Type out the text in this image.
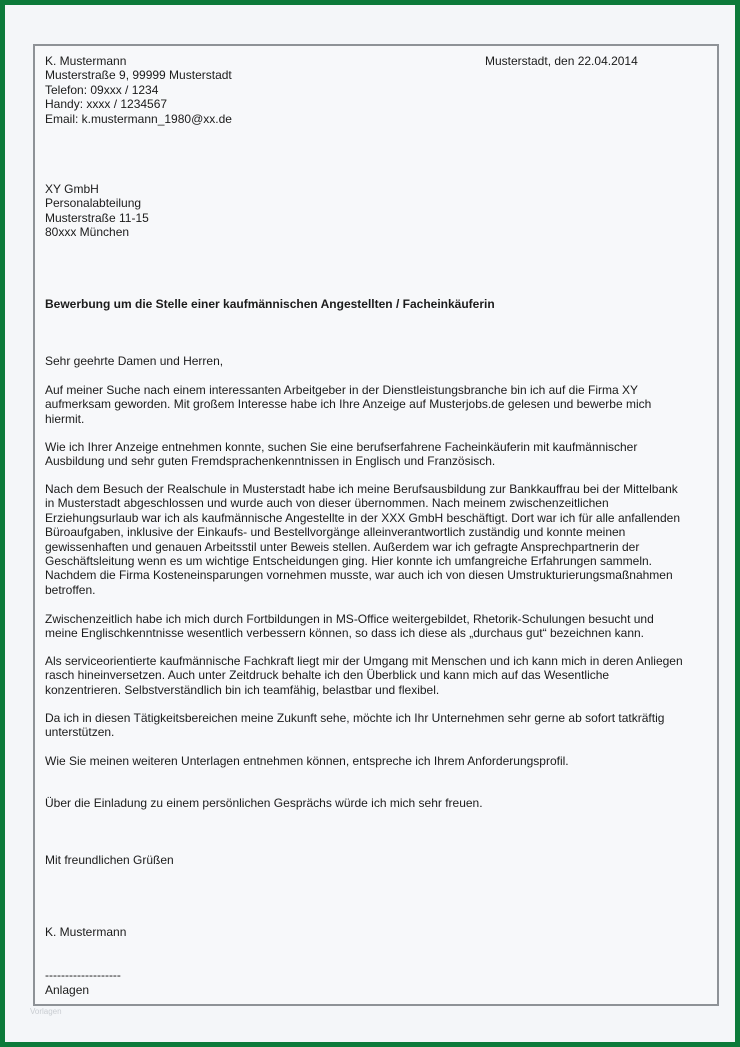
K. Mustermann
Musterstraße 9, 99999 Musterstadt
Telefon: 09xxx / 1234
Handy: xxxx / 1234567
Email: k.mustermann_1980@xx.de
Musterstadt, den 22.04.2014
XY GmbH
Personalabteilung
Musterstraße 11-15
80xxx München
Bewerbung um die Stelle einer kaufmännischen Angestellten / Facheinkäuferin
Sehr geehrte Damen und Herren,
Auf meiner Suche nach einem interessanten Arbeitgeber in der Dienstleistungsbranche bin ich auf die Firma XY
aufmerksam geworden. Mit großem Interesse habe ich Ihre Anzeige auf Musterjobs.de gelesen und bewerbe mich
hiermit.
Wie ich Ihrer Anzeige entnehmen konnte, suchen Sie eine berufserfahrene Facheinkäuferin mit kaufmännischer
Ausbildung und sehr guten Fremdsprachenkenntnissen in Englisch und Französisch.
Nach dem Besuch der Realschule in Musterstadt habe ich meine Berufsausbildung zur Bankkauffrau bei der Mittelbank
in Musterstadt abgeschlossen und wurde auch von dieser übernommen. Nach meinem zwischenzeitlichen
Erziehungsurlaub war ich als kaufmännische Angestellte in der XXX GmbH beschäftigt. Dort war ich für alle anfallenden
Büroaufgaben, inklusive der Einkaufs- und Bestellvorgänge alleinverantwortlich zuständig und konnte meinen
gewissenhaften und genauen Arbeitsstil unter Beweis stellen. Außerdem war ich gefragte Ansprechpartnerin der
Geschäftsleitung wenn es um wichtige Entscheidungen ging. Hier konnte ich umfangreiche Erfahrungen sammeln.
Nachdem die Firma Kosteneinsparungen vornehmen musste, war auch ich von diesen Umstrukturierungsmaßnahmen
betroffen.
Zwischenzeitlich habe ich mich durch Fortbildungen in MS-Office weitergebildet, Rhetorik-Schulungen besucht und
meine Englischkenntnisse wesentlich verbessern können, so dass ich diese als „durchaus gut“ bezeichnen kann.
Als serviceorientierte kaufmännische Fachkraft liegt mir der Umgang mit Menschen und ich kann mich in deren Anliegen
rasch hineinversetzen. Auch unter Zeitdruck behalte ich den Überblick und kann mich auf das Wesentliche
konzentrieren. Selbstverständlich bin ich teamfähig, belastbar und flexibel.
Da ich in diesen Tätigkeitsbereichen meine Zukunft sehe, möchte ich Ihr Unternehmen sehr gerne ab sofort tatkräftig
unterstützen.
Wie Sie meinen weiteren Unterlagen entnehmen können, entspreche ich Ihrem Anforderungsprofil.
Über die Einladung zu einem persönlichen Gesprächs würde ich mich sehr freuen.
Mit freundlichen Grüßen
K. Mustermann
-------------------
Anlagen
Vorlagen
